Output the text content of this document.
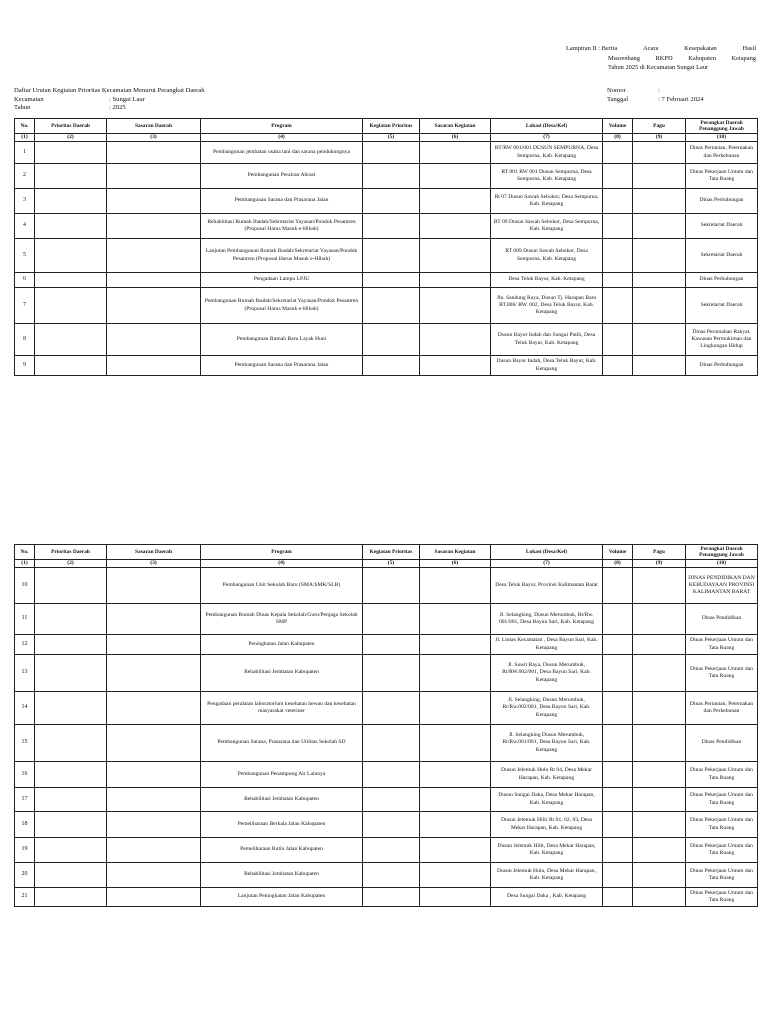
Lampiran II : Berita	Acara	Kesepakatan	Hasil
Musrenbang RKPD Kabupaten Ketapang
Tahun 2025 di Kecamatan Sungai Laur
Daftar Urutan Kegiatan Prioritas Kecamatan Menurut Perangkat Daerah
Kecamatan	: Sungai Laur
Tahun	: 2025
Nomor	:
Tanggal	: 7 Februari 2024
No.	Prioritas Daerah	Sasaran Daerah	Program	Kegiatan Prioritas	Sasaran Kegiatan	Lokasi (Desa/Kel)	Volume	Pagu	Perangkat Daerah Penanggung Jawab
(1)	(2)	(3)	(4)	(5)	(6)	(7)	(8)	(9)	(10)
1			Pembangunan jembatan usaha tani dan sarana pendukungnya			RT/RW 001/001 DUSUN SEMPURNA, Desa Sempurna, Kab. Ketapang			Dinas Pertanian, Peternakan dan Perkebunan
2			Pembangunan Perairan Abrasi			RT 001 RW 001 Dusun Sempurna, Desa Sempurna, Kab. Ketapang			Dinas Pekerjaan Umum dan Tata Ruang
3			Pembangunan Sarana dan Prasarana Jalan			Rt 07 Dusun Sawah Sebokor, Desa Sempurna, Kab. Ketapang			Dinas Perhubungan
4			Rehabilitasi Rumah Ibadah/Sekretariat Yayasan/Pondok Pesantren (Proposal Harus Masuk e-Hibah)			RT 09 Dusun Sawah Sebokor, Desa Sempurna, Kab. Ketapang			Sekretariat Daerah
5			Lanjutan Pembangunan Rumah Ibadah/Sekretariat Yayasan/Pondok Pesantren (Proposal Harus Masuk e-Hibah)			RT 009 Dusun Sawah Sebokor, Desa Sempurna, Kab. Ketapang			Sekretariat Daerah
6			Pengadaan Lampu LPJU			Desa Teluk Bayur, Kab. Ketapang			Dinas Perhubungan
7			Pembangunan Rumah Ibadah/Sekretariat Yayasan/Pondok Pesantren (Proposal Harus Masuk e-Hibah)			Jln. Sandung Raya, Dusun Tj. Harapan Baru RT.006/ RW. 002, Desa Teluk Bayur, Kab. Ketapang			Sekretariat Daerah
8			Pembangunan Rumah Baru Layak Huni			Dusun Bayur Indah dan Sungai Putih, Desa Teluk Bayur, Kab. Ketapang			Dinas Perumahan Rakyat, Kawasan Permukiman dan Lingkungan Hidup
9			Pembangunan Sarana dan Prasarana Jalan			Dusun Bayur Indah, Desa Teluk Bayur, Kab. Ketapang			Dinas Perhubungan
No.	Prioritas Daerah	Sasaran Daerah	Program	Kegiatan Prioritas	Sasaran Kegiatan	Lokasi (Desa/Kel)	Volume	Pagu	Perangkat Daerah Penanggung Jawab
(1)	(2)	(3)	(4)	(5)	(6)	(7)	(8)	(9)	(10)
10			Pembangunan Unit Sekolah Baru (SMA/SMK/SLB)			Desa Teluk Bayur, Provinsi Kalimantan Barat			DINAS PENDIDIKAN DAN KEBUDAYAAN PROVINSI KALIMANTAN BARAT
11			Pembangunan Rumah Dinas Kepala Sekolah/Guru/Penjaga Sekolah SMP			Jl. Selangking, Dusun Merumbuk, Rt/Rw. 001/001, Desa Bayun Sari, Kab. Ketapang			Dinas Pendidikan
12			Peningkatan Jalan Kabupaten			Jl. Lintas Kecamatan , Desa Bayun Sari, Kab. Ketapang			Dinas Pekerjaan Umum dan Tata Ruang
13			Rehabilitasi Jembatan Kabupaten			Jl. Sawit Raya, Dusun Merumbuk, Rt/RW.002/001, Desa Bayun Sari, Kab. Ketapang			Dinas Pekerjaan Umum dan Tata Ruang
14			Pengadaan peralatan laboratorium kesehatan hewan dan kesehatan masyarakat veteriner			Jl. Selangking, Dusun Merumbuk, Rt/Rw.002/001, Desa Bayun Sari, Kab. Ketapang			Dinas Pertanian, Peternakan dan Perkebunan
15			Pembangunan Sarana, Prasarana dan Utilitas Sekolah SD			Jl. Selangking Dusun Merumbuk, Rt/Rw.001/001, Desa Bayun Sari, Kab. Ketapang			Dinas Pendidikan
16			Pembangunan Penampung Air Lainnya			Dusun Jelemuk Hulu Rt 04, Desa Mekar Harapan, Kab. Ketapang			Dinas Pekerjaan Umum dan Tata Ruang
17			Rehabilitasi Jembatan Kabupaten			Dusun Sungai Daka, Desa Mekar Harapan, Kab. Ketapang			Dinas Pekerjaan Umum dan Tata Ruang
18			Pemeliharaan Berkala Jalan Kabupaten			Dusun Jelemuk Hilir Rt 01, 02, 03, Desa Mekar Harapan, Kab. Ketapang			Dinas Pekerjaan Umum dan Tata Ruang
19			Pemeliharaan Rutin Jalan Kabupaten			Dusun Jelemuk Hilir, Desa Mekar Harapan, Kab. Ketapang			Dinas Pekerjaan Umum dan Tata Ruang
20			Rehabilitasi Jembatan Kabupaten			Dusun Jelemuk Hulu, Desa Mekar Harapan, Kab. Ketapang			Dinas Pekerjaan Umum dan Tata Ruang
21			Lanjutan Peningkatan Jalan Kabupaten			Desa Sungai Daka , Kab. Ketapang			Dinas Pekerjaan Umum dan Tata Ruang
